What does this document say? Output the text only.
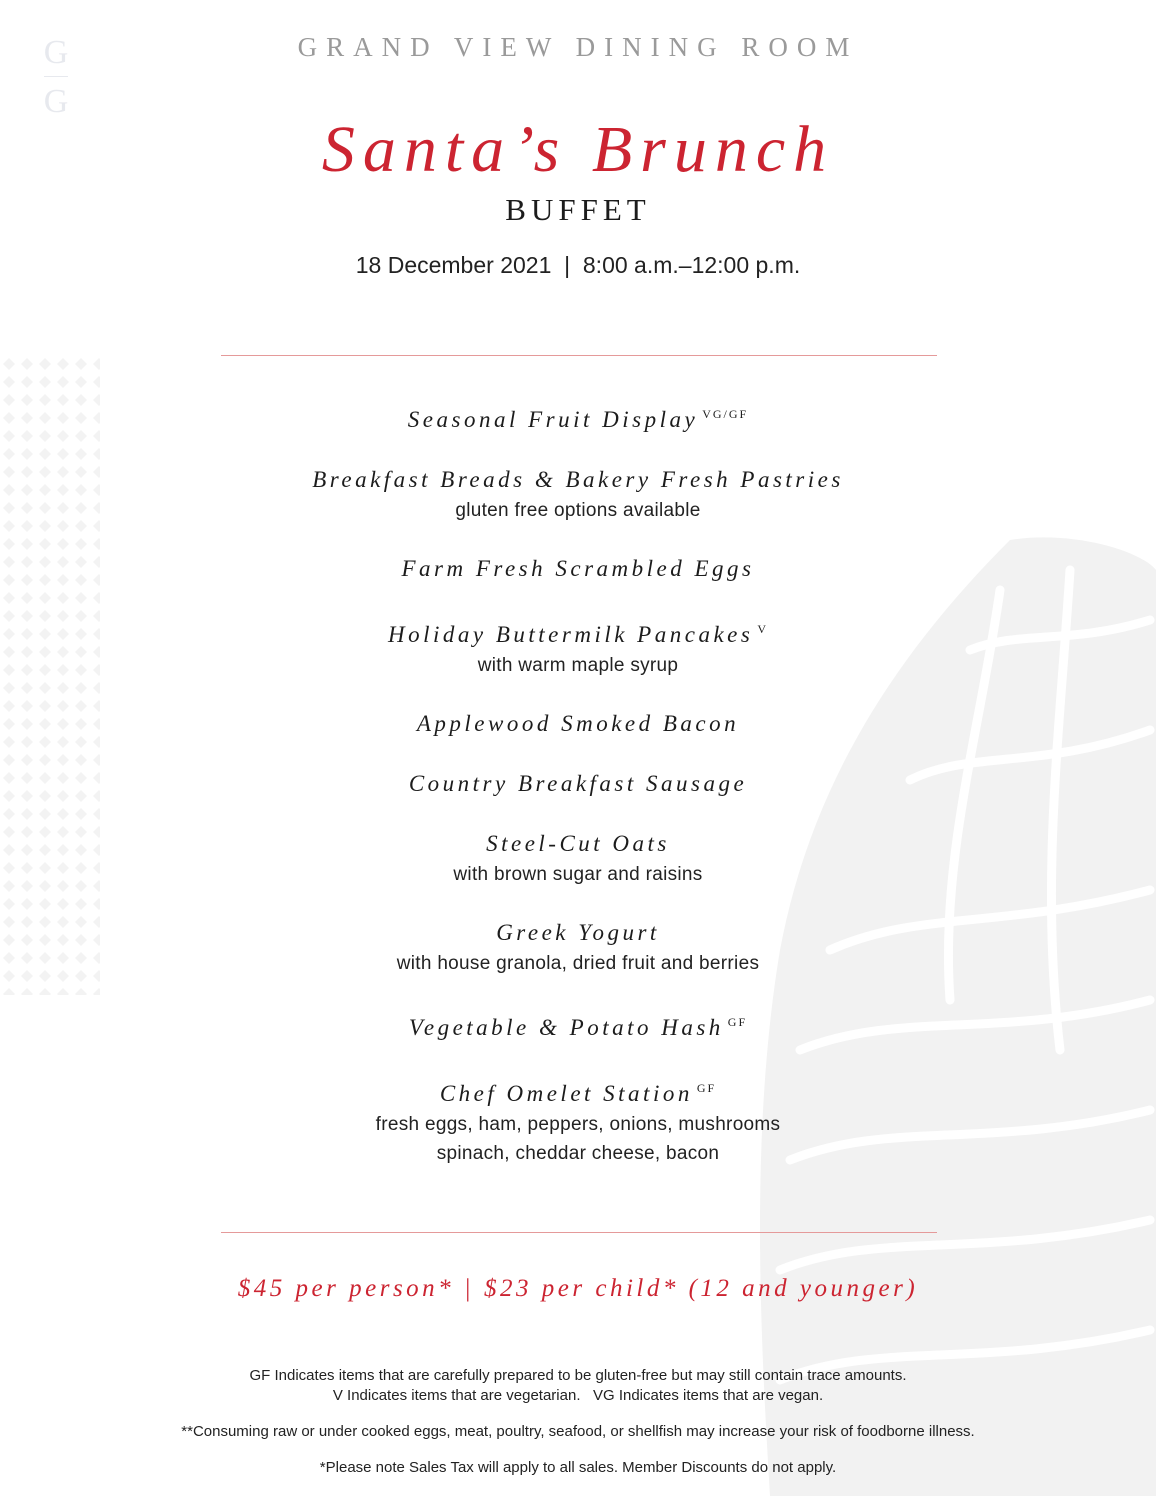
G
G
GRAND VIEW DINING ROOM
Santa’s Brunch
BUFFET
18 December 2021  |  8:00 a.m.–12:00 p.m.
Seasonal Fruit Display $^{VG/GF}$
Breakfast Breads & Bakery Fresh Pastries
gluten free options available
Farm Fresh Scrambled Eggs
Holiday Buttermilk Pancakes $^V$
with warm maple syrup
Applewood Smoked Bacon
Country Breakfast Sausage
Steel-Cut Oats
with brown sugar and raisins
Greek Yogurt
with house granola, dried fruit and berries
Vegetable & Potato Hash $^{GF}$
Chef Omelet Station $^{GF}$
fresh eggs, ham, peppers, onions, mushrooms
spinach, cheddar cheese, bacon
$45 per person* | $23 per child* (12 and younger)
GF Indicates items that are carefully prepared to be gluten-free but may still contain trace amounts.
V Indicates items that are vegetarian.   VG Indicates items that are vegan.
**Consuming raw or under cooked eggs, meat, poultry, seafood, or shellfish may increase your risk of foodborne illness.
*Please note Sales Tax will apply to all sales. Member Discounts do not apply.
